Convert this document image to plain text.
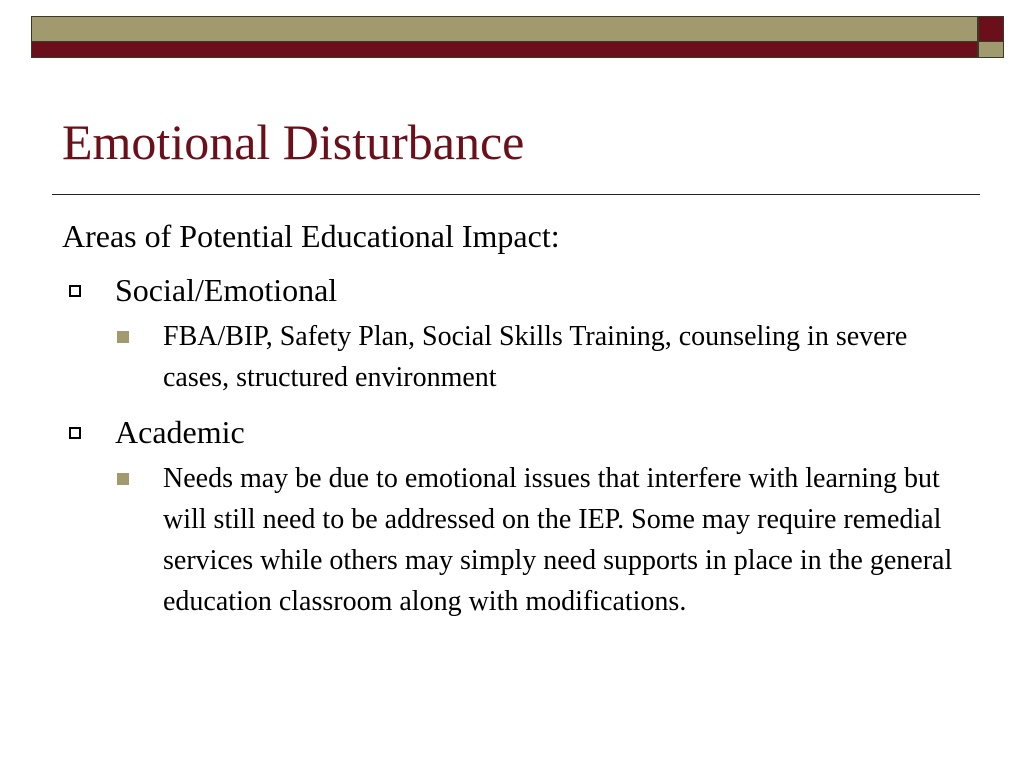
Emotional Disturbance

Areas of Potential Educational Impact:

Social/Emotional

FBA/BIP, Safety Plan, Social Skills Training, counseling in severe cases, structured environment

Academic

Needs may be due to emotional issues that interfere with learning but will still need to be addressed on the IEP. Some may require remedial services while others may simply need supports in place in the general education classroom along with modifications.
